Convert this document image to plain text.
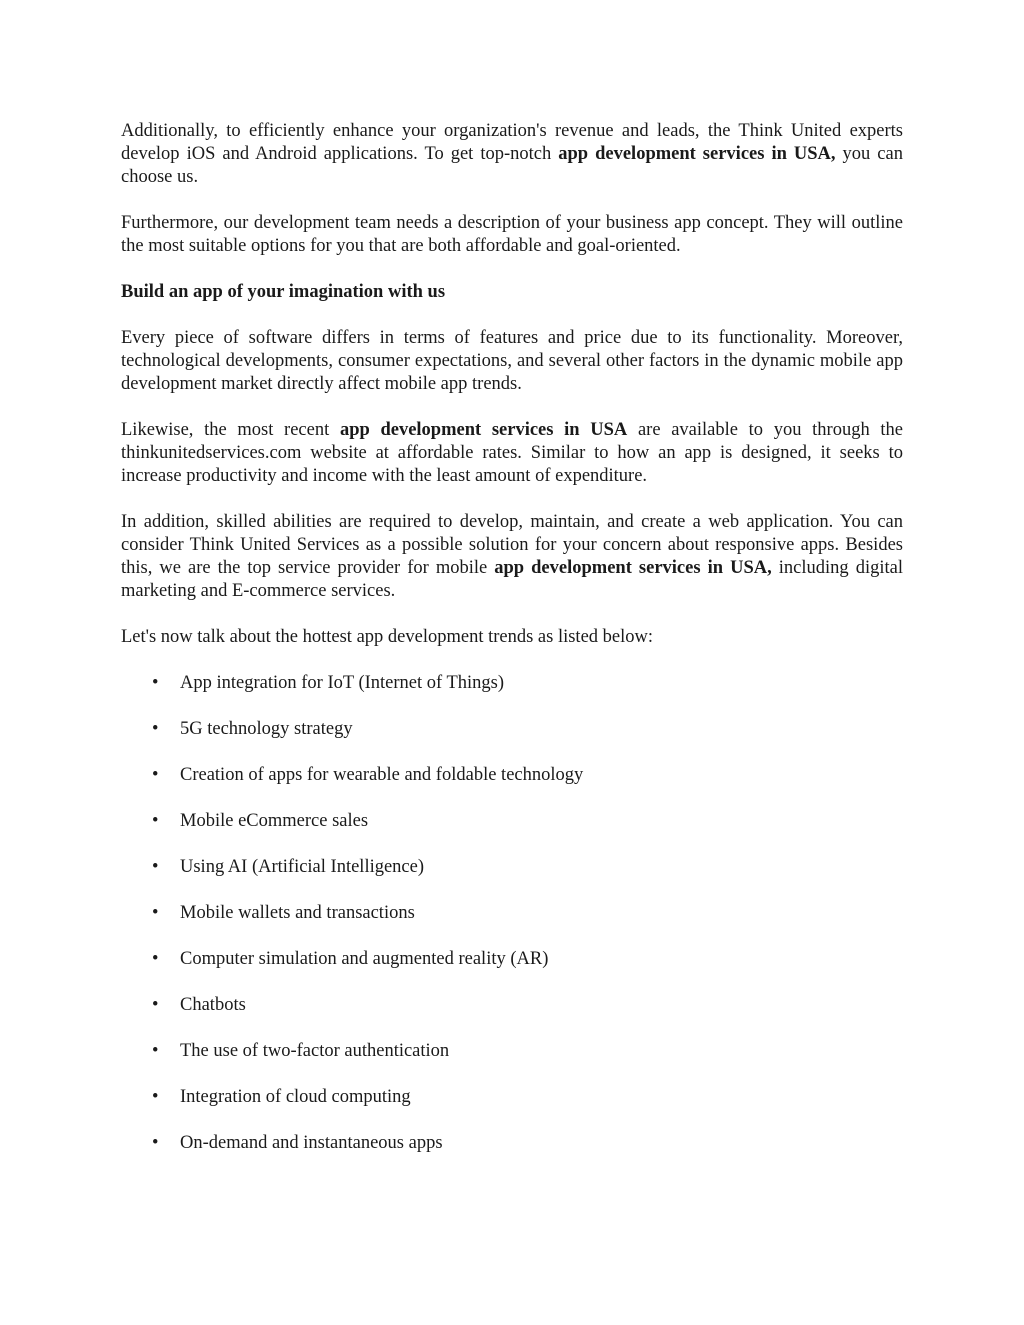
Additionally, to efficiently enhance your organization's revenue and leads, the Think United experts develop iOS and Android applications. To get top-notch app development services in USA, you can choose us.

Furthermore, our development team needs a description of your business app concept. They will outline the most suitable options for you that are both affordable and goal-oriented.

Build an app of your imagination with us

Every piece of software differs in terms of features and price due to its functionality. Moreover, technological developments, consumer expectations, and several other factors in the dynamic mobile app development market directly affect mobile app trends.

Likewise, the most recent app development services in USA are available to you through the thinkunitedservices.com website at affordable rates. Similar to how an app is designed, it seeks to increase productivity and income with the least amount of expenditure.

In addition, skilled abilities are required to develop, maintain, and create a web application. You can consider Think United Services as a possible solution for your concern about responsive apps. Besides this, we are the top service provider for mobile app development services in USA, including digital marketing and E-commerce services.

Let's now talk about the hottest app development trends as listed below:

• App integration for IoT (Internet of Things)
• 5G technology strategy
• Creation of apps for wearable and foldable technology
• Mobile eCommerce sales
• Using AI (Artificial Intelligence)
• Mobile wallets and transactions
• Computer simulation and augmented reality (AR)
• Chatbots
• The use of two-factor authentication
• Integration of cloud computing
• On-demand and instantaneous apps
